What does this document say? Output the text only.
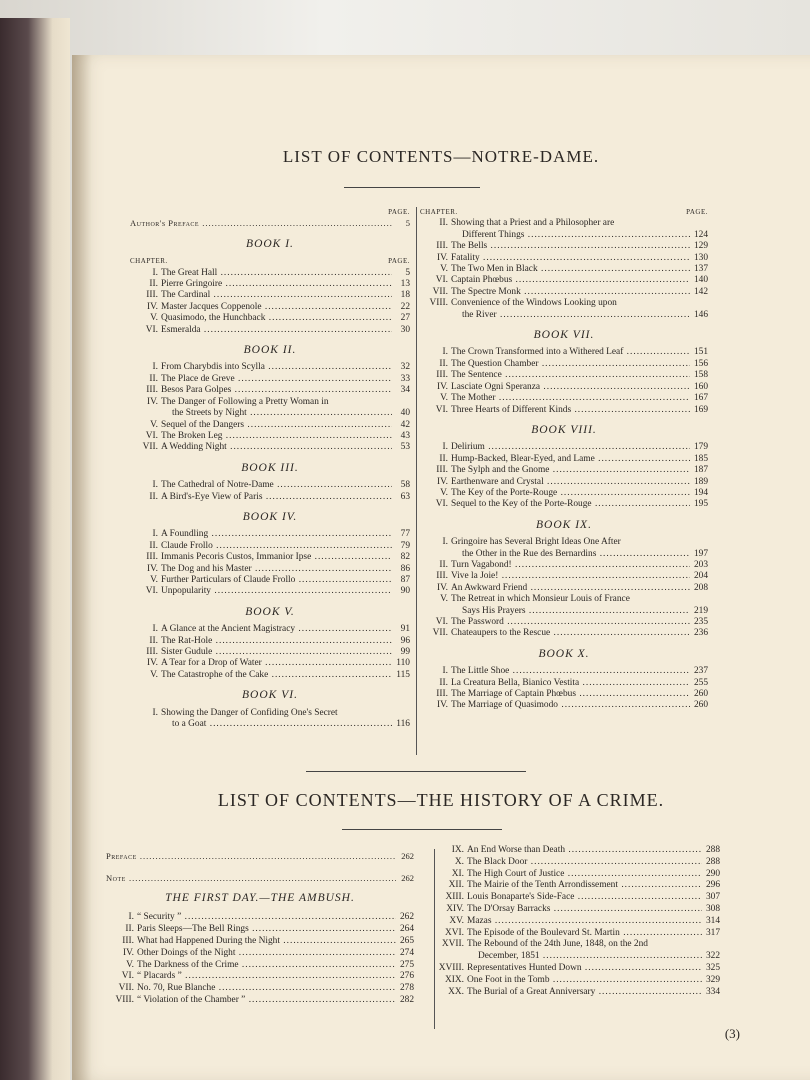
LIST OF CONTENTS—NOTRE-DAME.
PAGE.
Author's Preface .....	5
BOOK I.
CHAPTER.	PAGE.
I. The Great Hall .....	5
II. Pierre Gringoire .....	13
III. The Cardinal .....	18
IV. Master Jacques Coppenole .....	22
V. Quasimodo, the Hunchback .....	27
VI. Esmeralda .....	30
BOOK II.
I. From Charybdis into Scylla .....	32
II. The Place de Greve .....	33
III. Besos Para Golpes .....	34
IV. The Danger of Following a Pretty Woman in
the Streets by Night .....	40
V. Sequel of the Dangers .....	42
VI. The Broken Leg .....	43
VII. A Wedding Night .....	53
BOOK III.
I. The Cathedral of Notre-Dame .....	58
II. A Bird's-Eye View of Paris .....	63
BOOK IV.
I. A Foundling .....	77
II. Claude Frollo .....	79
III. Immanis Pecoris Custos, Immanior Ipse .....	82
IV. The Dog and his Master .....	86
V. Further Particulars of Claude Frollo .....	87
VI. Unpopularity .....	90
BOOK V.
I. A Glance at the Ancient Magistracy .....	91
II. The Rat-Hole .....	96
III. Sister Gudule .....	99
IV. A Tear for a Drop of Water .....	110
V. The Catastrophe of the Cake .....	115
BOOK VI.
I. Showing the Danger of Confiding One's Secret
to a Goat .....	116
CHAPTER.	PAGE.
II. Showing that a Priest and a Philosopher are
Different Things .....	124
III. The Bells .....	129
IV. Fatality .....	130
V. The Two Men in Black .....	137
VI. Captain Phœbus .....	140
VII. The Spectre Monk .....	142
VIII. Convenience of the Windows Looking upon
the River .....	146
BOOK VII.
I. The Crown Transformed into a Withered Leaf .....	151
II. The Question Chamber .....	156
III. The Sentence .....	158
IV. Lasciate Ogni Speranza .....	160
V. The Mother .....	167
VI. Three Hearts of Different Kinds .....	169
BOOK VIII.
I. Delirium .....	179
II. Hump-Backed, Blear-Eyed, and Lame .....	185
III. The Sylph and the Gnome .....	187
IV. Earthenware and Crystal .....	189
V. The Key of the Porte-Rouge .....	194
VI. Sequel to the Key of the Porte-Rouge .....	195
BOOK IX.
I. Gringoire has Several Bright Ideas One After
the Other in the Rue des Bernardins .....	197
II. Turn Vagabond! .....	203
III. Vive la Joie! .....	204
IV. An Awkward Friend .....	208
V. The Retreat in which Monsieur Louis of France
Says His Prayers .....	219
VI. The Password .....	235
VII. Chateaupers to the Rescue .....	236
BOOK X.
I. The Little Shoe .....	237
II. La Creatura Bella, Bianico Vestita .....	255
III. The Marriage of Captain Phœbus .....	260
IV. The Marriage of Quasimodo .....	260
LIST OF CONTENTS—THE HISTORY OF A CRIME.
Preface .....	262
Note .....	262
THE FIRST DAY.—THE AMBUSH.
I. “ Security ” .....	262
II. Paris Sleeps—The Bell Rings .....	264
III. What had Happened During the Night .....	265
IV. Other Doings of the Night .....	274
V. The Darkness of the Crime .....	275
VI. “ Placards ” .....	276
VII. No. 70, Rue Blanche .....	278
VIII. “ Violation of the Chamber ” .....	282
IX. An End Worse than Death .....	288
X. The Black Door .....	288
XI. The High Court of Justice .....	290
XII. The Mairie of the Tenth Arrondissement .....	296
XIII. Louis Bonaparte's Side-Face .....	307
XIV. The D'Orsay Barracks .....	308
XV. Mazas .....	314
XVI. The Episode of the Boulevard St. Martin .....	317
XVII. The Rebound of the 24th June, 1848, on the 2nd
December, 1851 .....	322
XVIII. Representatives Hunted Down .....	325
XIX. One Foot in the Tomb .....	329
XX. The Burial of a Great Anniversary .....	334
(3)
